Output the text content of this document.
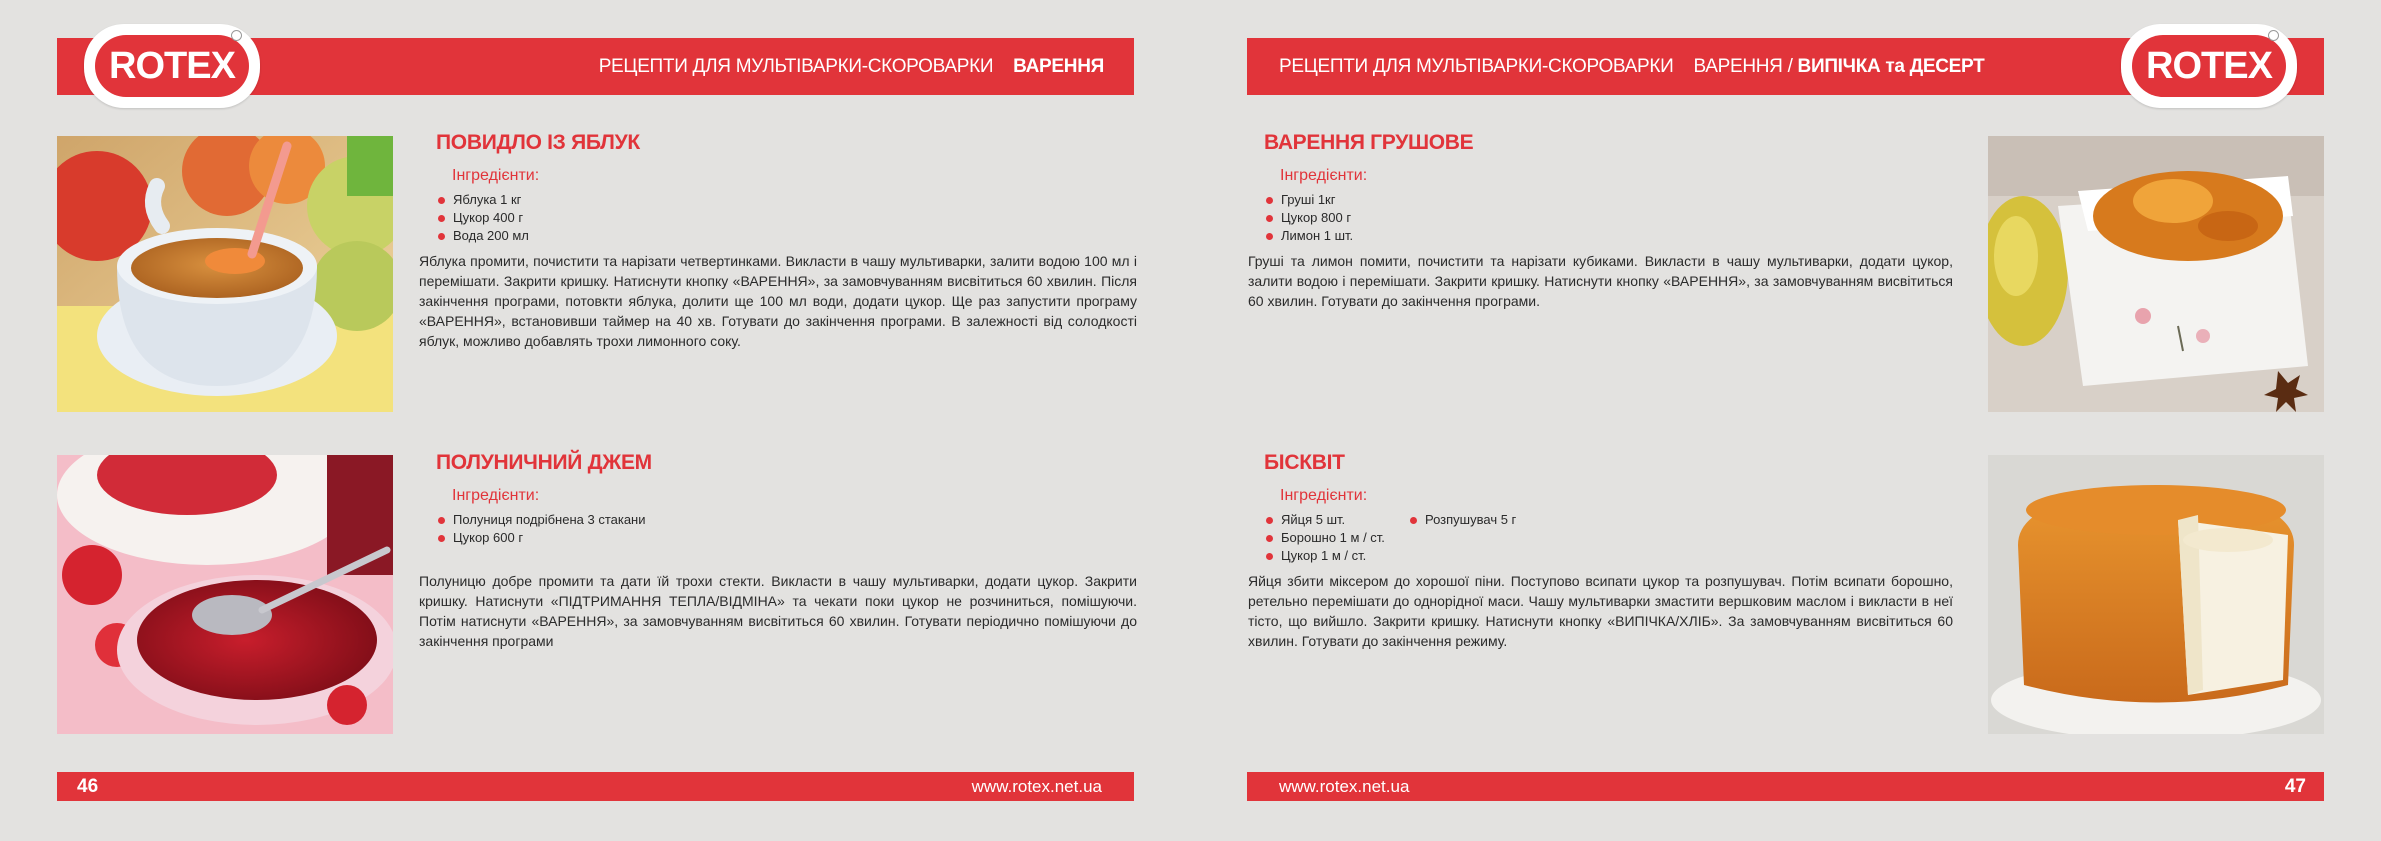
РЕЦЕПТИ ДЛЯ МУЛЬТІВАРКИ-СКОРОВАРКИ ВАРЕННЯ
ROTEX
ПОВИДЛО ІЗ ЯБЛУК
Інгредієнти:
Яблука 1 кг
Цукор 400 г
Вода 200 мл

Яблука промити, почистити та нарізати четвертинками. Викласти в чашу мультиварки, залити водою 100 мл і перемішати. Закрити кришку. Натиснути кнопку «ВАРЕННЯ», за замовчуванням висвітиться 60 хвилин. Після закінчення програми, потовкти яблука, долити ще 100 мл води, додати цукор. Ще раз запустити програму «ВАРЕННЯ», встановивши таймер на 40 хв. Готувати до закінчення програми. В залежності від солодкості яблук, можливо добавлять трохи лимонного соку.

ПОЛУНИЧНИЙ ДЖЕМ
Інгредієнти:
Полуниця подрібнена 3 стакани
Цукор 600 г

Полуницю добре промити та дати їй трохи стекти. Викласти в чашу мультиварки, додати цукор. Закрити кришку. Натиснути «ПІДТРИМАННЯ ТЕПЛА/ВІДМІНА» та чекати поки цукор не розчиниться, помішуючи. Потім натиснути «ВАРЕННЯ», за замовчуванням висвітиться 60 хвилин. Готувати періодично помішуючи до закінчення програми

46	www.rotex.net.ua
РЕЦЕПТИ ДЛЯ МУЛЬТІВАРКИ-СКОРОВАРКИ ВАРЕННЯ / ВИПІЧКА та ДЕСЕРТ	ROTEX
ВАРЕННЯ ГРУШОВЕ
Інгредієнти:
Груші 1кг
Цукор 800 г
Лимон 1 шт.

Груші та лимон помити, почистити та нарізати кубиками. Викласти в чашу мультиварки, додати цукор, залити водою і перемішати. Закрити кришку. Натиснути кнопку «ВАРЕННЯ», за замовчуванням висвітиться 60 хвилин. Готувати до закінчення програми.

БІСКВІТ
Інгредієнти:
Яйця 5 шт.
Борошно 1 м / ст.
Цукор 1 м / ст.
Розпушувач 5 г

Яйця збити міксером до хорошої піни. Поступово всипати цукор та розпушувач. Потім всипати борошно, ретельно перемішати до однорідної маси. Чашу мультиварки змастити вершковим маслом і викласти в неї тісто, що вийшло. Закрити кришку. Натиснути кнопку «ВИПІЧКА/ХЛІБ». За замовчуванням висвітиться 60 хвилин. Готувати до закінчення режиму.

www.rotex.net.ua	47
